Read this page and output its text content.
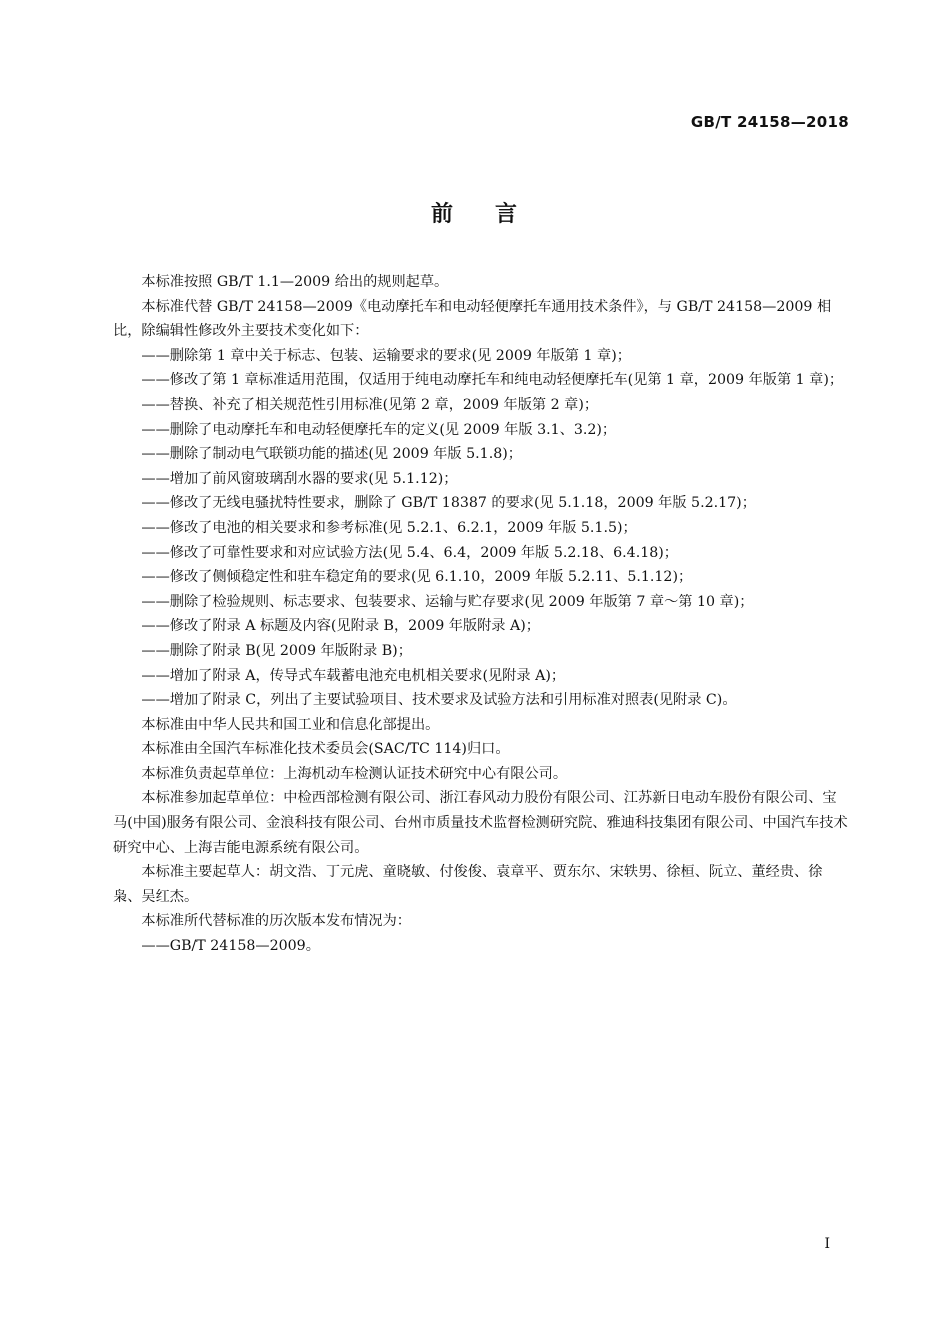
GB/T 24158—2018
前 言

本标准按照 GB/T 1.1—2009 给出的规则起草。

本标准代替 GB/T 24158—2009《电动摩托车和电动轻便摩托车通用技术条件》，与 GB/T 24158—2009 相比，除编辑性修改外主要技术变化如下：

——删除第 1 章中关于标志、包装、运输要求的要求(见 2009 年版第 1 章)；

——修改了第 1 章标准适用范围，仅适用于纯电动摩托车和纯电动轻便摩托车(见第 1 章，2009 年版第 1 章)；

——替换、补充了相关规范性引用标准(见第 2 章，2009 年版第 2 章)；

——删除了电动摩托车和电动轻便摩托车的定义(见 2009 年版 3.1、3.2)；

——删除了制动电气联锁功能的描述(见 2009 年版 5.1.8)；

——增加了前风窗玻璃刮水器的要求(见 5.1.12)；

——修改了无线电骚扰特性要求，删除了 GB/T 18387 的要求(见 5.1.18，2009 年版 5.2.17)；

——修改了电池的相关要求和参考标准(见 5.2.1、6.2.1，2009 年版 5.1.5)；

——修改了可靠性要求和对应试验方法(见 5.4、6.4，2009 年版 5.2.18、6.4.18)；

——修改了侧倾稳定性和驻车稳定角的要求(见 6.1.10，2009 年版 5.2.11、5.1.12)；

——删除了检验规则、标志要求、包装要求、运输与贮存要求(见 2009 年版第 7 章～第 10 章)；

——修改了附录 A 标题及内容(见附录 B，2009 年版附录 A)；

——删除了附录 B(见 2009 年版附录 B)；

——增加了附录 A，传导式车载蓄电池充电机相关要求(见附录 A)；

——增加了附录 C，列出了主要试验项目、技术要求及试验方法和引用标准对照表(见附录 C)。

本标准由中华人民共和国工业和信息化部提出。

本标准由全国汽车标准化技术委员会(SAC/TC 114)归口。

本标准负责起草单位：上海机动车检测认证技术研究中心有限公司。

本标准参加起草单位：中检西部检测有限公司、浙江春风动力股份有限公司、江苏新日电动车股份有限公司、宝马(中国)服务有限公司、金浪科技有限公司、台州市质量技术监督检测研究院、雅迪科技集团有限公司、中国汽车技术研究中心、上海吉能电源系统有限公司。

本标准主要起草人：胡文浩、丁元虎、童晓敏、付俊俊、袁章平、贾东尔、宋轶男、徐桓、阮立、董经贵、徐枭、吴红杰。

本标准所代替标准的历次版本发布情况为：

——GB/T 24158—2009。

I
